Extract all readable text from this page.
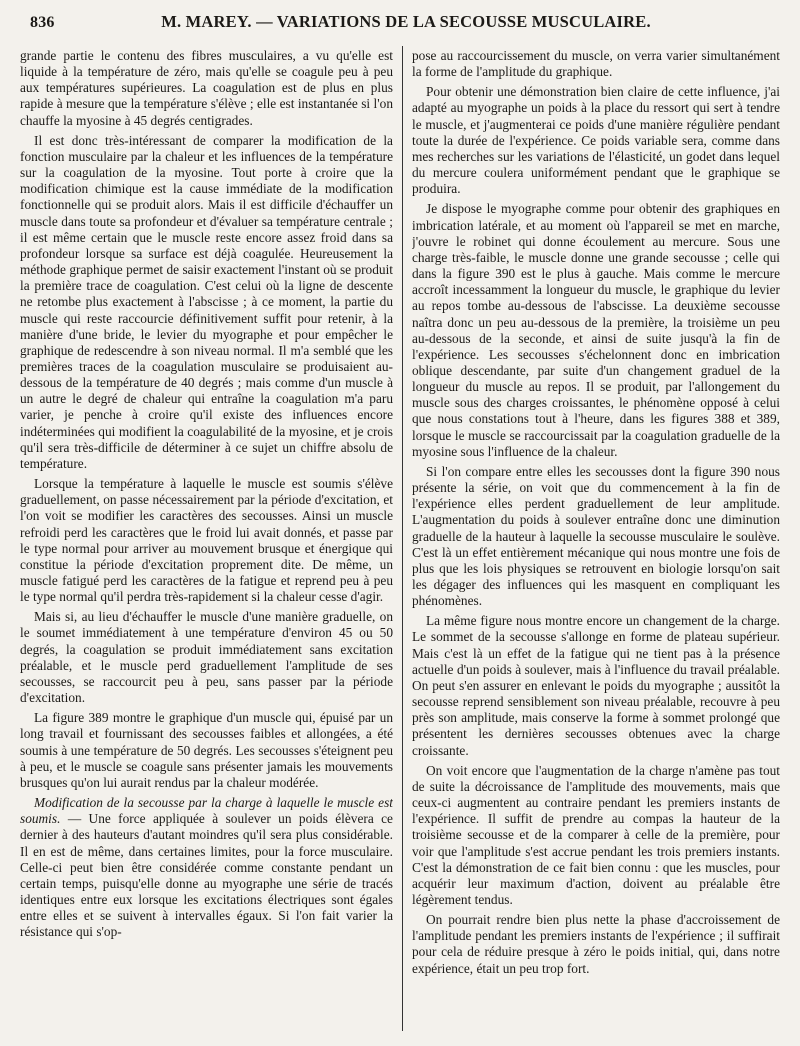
836	M. MAREY. — VARIATIONS DE LA SECOUSSE MUSCULAIRE.

grande partie le contenu des fibres musculaires, a vu qu'elle est liquide à la température de zéro, mais qu'elle se coagule peu à peu aux températures supérieures. La coagulation est de plus en plus rapide à mesure que la température s'élève ; elle est instantanée si l'on chauffe la myosine à 45 degrés centigrades.

Il est donc très-intéressant de comparer la modification de la fonction musculaire par la chaleur et les influences de la température sur la coagulation de la myosine. Tout porte à croire que la modification chimique est la cause immédiate de la modification fonctionnelle qui se produit alors. Mais il est difficile d'échauffer un muscle dans toute sa profondeur et d'évaluer sa température centrale ; il est même certain que le muscle reste encore assez froid dans sa profondeur lorsque sa surface est déjà coagulée. Heureusement la méthode graphique permet de saisir exactement l'instant où se produit la première trace de coagulation. C'est celui où la ligne de descente ne retombe plus exactement à l'abscisse ; à ce moment, la partie du muscle qui reste raccourcie définitivement suffit pour retenir, à la manière d'une bride, le levier du myographe et pour empêcher le graphique de redescendre à son niveau normal. Il m'a semblé que les premières traces de la coagulation musculaire se produisaient au-dessous de la température de 40 degrés ; mais comme d'un muscle à un autre le degré de chaleur qui entraîne la coagulation m'a paru varier, je penche à croire qu'il existe des influences encore indéterminées qui modifient la coagulabilité de la myosine, et je crois qu'il sera très-difficile de déterminer à ce sujet un chiffre absolu de température.

Lorsque la température à laquelle le muscle est soumis s'élève graduellement, on passe nécessairement par la période d'excitation, et l'on voit se modifier les caractères des secousses. Ainsi un muscle refroidi perd les caractères que le froid lui avait donnés, et passe par le type normal pour arriver au mouvement brusque et énergique qui constitue la période d'excitation proprement dite. De même, un muscle fatigué perd les caractères de la fatigue et reprend peu à peu le type normal qu'il perdra très-rapidement si la chaleur cesse d'agir.

Mais si, au lieu d'échauffer le muscle d'une manière graduelle, on le soumet immédiatement à une température d'environ 45 ou 50 degrés, la coagulation se produit immédiatement sans excitation préalable, et le muscle perd graduellement l'amplitude de ses secousses, se raccourcit peu à peu, sans passer par la période d'excitation.

La figure 389 montre le graphique d'un muscle qui, épuisé par un long travail et fournissant des secousses faibles et allongées, a été soumis à une température de 50 degrés. Les secousses s'éteignent peu à peu, et le muscle se coagule sans présenter jamais les mouvements brusques qu'on lui aurait rendus par la chaleur modérée.

Modification de la secousse par la charge à laquelle le muscle est soumis. — Une force appliquée à soulever un poids élèvera ce dernier à des hauteurs d'autant moindres qu'il sera plus considérable. Il en est de même, dans certaines limites, pour la force musculaire. Celle-ci peut bien être considérée comme constante pendant un certain temps, puisqu'elle donne au myographe une série de tracés identiques entre eux lorsque les excitations électriques sont égales entre elles et se suivent à intervalles égaux. Si l'on fait varier la résistance qui s'op-

pose au raccourcissement du muscle, on verra varier simultanément la forme de l'amplitude du graphique.

Pour obtenir une démonstration bien claire de cette influence, j'ai adapté au myographe un poids à la place du ressort qui sert à tendre le muscle, et j'augmenterai ce poids d'une manière régulière pendant toute la durée de l'expérience. Ce poids variable sera, comme dans mes recherches sur les variations de l'élasticité, un godet dans lequel du mercure coulera uniformément pendant que le graphique se produira.

Je dispose le myographe comme pour obtenir des graphiques en imbrication latérale, et au moment où l'appareil se met en marche, j'ouvre le robinet qui donne écoulement au mercure. Sous une charge très-faible, le muscle donne une grande secousse ; celle qui dans la figure 390 est le plus à gauche. Mais comme le mercure accroît incessamment la longueur du muscle, le graphique du levier au repos tombe au-dessous de l'abscisse. La deuxième secousse naîtra donc un peu au-dessous de la première, la troisième un peu au-dessous de la seconde, et ainsi de suite jusqu'à la fin de l'expérience. Les secousses s'échelonnent donc en imbrication oblique descendante, par suite d'un changement graduel de la longueur du muscle au repos. Il se produit, par l'allongement du muscle sous des charges croissantes, le phénomène opposé à celui que nous constations tout à l'heure, dans les figures 388 et 389, lorsque le muscle se raccourcissait par la coagulation graduelle de la myosine sous l'influence de la chaleur.

Si l'on compare entre elles les secousses dont la figure 390 nous présente la série, on voit que du commencement à la fin de l'expérience elles perdent graduellement de leur amplitude. L'augmentation du poids à soulever entraîne donc une diminution graduelle de la hauteur à laquelle la secousse musculaire le soulève. C'est là un effet entièrement mécanique qui nous montre une fois de plus que les lois physiques se retrouvent en biologie lorsqu'on sait les dégager des influences qui les masquent en compliquant les phénomènes.

La même figure nous montre encore un changement de la charge. Le sommet de la secousse s'allonge en forme de plateau supérieur. Mais c'est là un effet de la fatigue qui ne tient pas à la présence actuelle d'un poids à soulever, mais à l'influence du travail préalable. On peut s'en assurer en enlevant le poids du myographe ; aussitôt la secousse reprend sensiblement son niveau préalable, recouvre à peu près son amplitude, mais conserve la forme à sommet prolongé que présentent les dernières secousses obtenues avec la charge croissante.

On voit encore que l'augmentation de la charge n'amène pas tout de suite la décroissance de l'amplitude des mouvements, mais que ceux-ci augmentent au contraire pendant les premiers instants de l'expérience. Il suffit de prendre au compas la hauteur de la troisième secousse et de la comparer à celle de la première, pour voir que l'amplitude s'est accrue pendant les trois premiers instants. C'est la démonstration de ce fait bien connu : que les muscles, pour acquérir leur maximum d'action, doivent au préalable être légèrement tendus.

On pourrait rendre bien plus nette la phase d'accroissement de l'amplitude pendant les premiers instants de l'expérience ; il suffirait pour cela de réduire presque à zéro le poids initial, qui, dans notre expérience, était un peu trop fort.
